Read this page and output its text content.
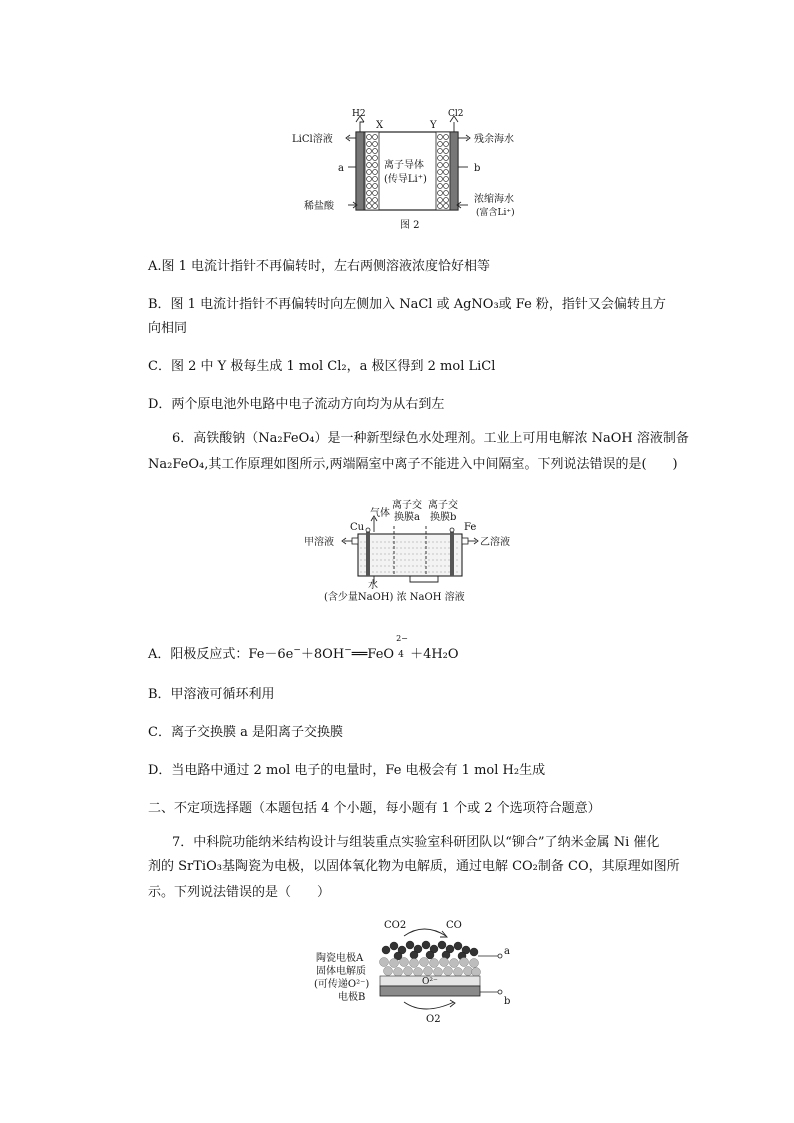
H2
X	Y
Cl2
LiCl溶液	残余海水
a	b
离子导体
(传导Li⁺)
稀盐酸
浓缩海水
(富含Li⁺)
图 2
A.图 1 电流计指针不再偏转时，左右两侧溶液浓度恰好相等
B．图 1 电流计指针不再偏转时向左侧加入 NaCl 或 AgNO₃或 Fe 粉，指针又会偏转且方
向相同
C．图 2 中 Y 极每生成 1 mol Cl₂，a 极区得到 2 mol LiCl
D．两个原电池外电路中电子流动方向均为从右到左
6．高铁酸钠（Na₂FeO₄）是一种新型绿色水处理剂。工业上可用电解浓 NaOH 溶液制备
Na₂FeO₄,其工作原理如图所示,两端隔室中离子不能进入中间隔室。下列说法错误的是(　　)
气体
离子交
换膜a
离子交
换膜b
Cu	Fe
甲溶液	乙溶液
水
(含少量NaOH) 浓 NaOH 溶液
A．阳极反应式：Fe－6e−＋8OH−══FeO
2−
4 ＋4H₂O
B．甲溶液可循环利用
C．离子交换膜 a 是阳离子交换膜
D．当电路中通过 2 mol 电子的电量时，Fe 电极会有 1 mol H₂生成
二、不定项选择题（本题包括 4 个小题，每小题有 1 个或 2 个选项符合题意）
7．中科院功能纳米结构设计与组装重点实验室科研团队以“铆合”了纳米金属 Ni 催化
剂的 SrTiO₃基陶瓷为电极，以固体氧化物为电解质，通过电解 CO₂制备 CO，其原理如图所
示。下列说法错误的是（　　）
CO2	CO
陶瓷电极A
固体电解质
(可传递O²⁻)
电极B
O²⁻
O2
a
b
